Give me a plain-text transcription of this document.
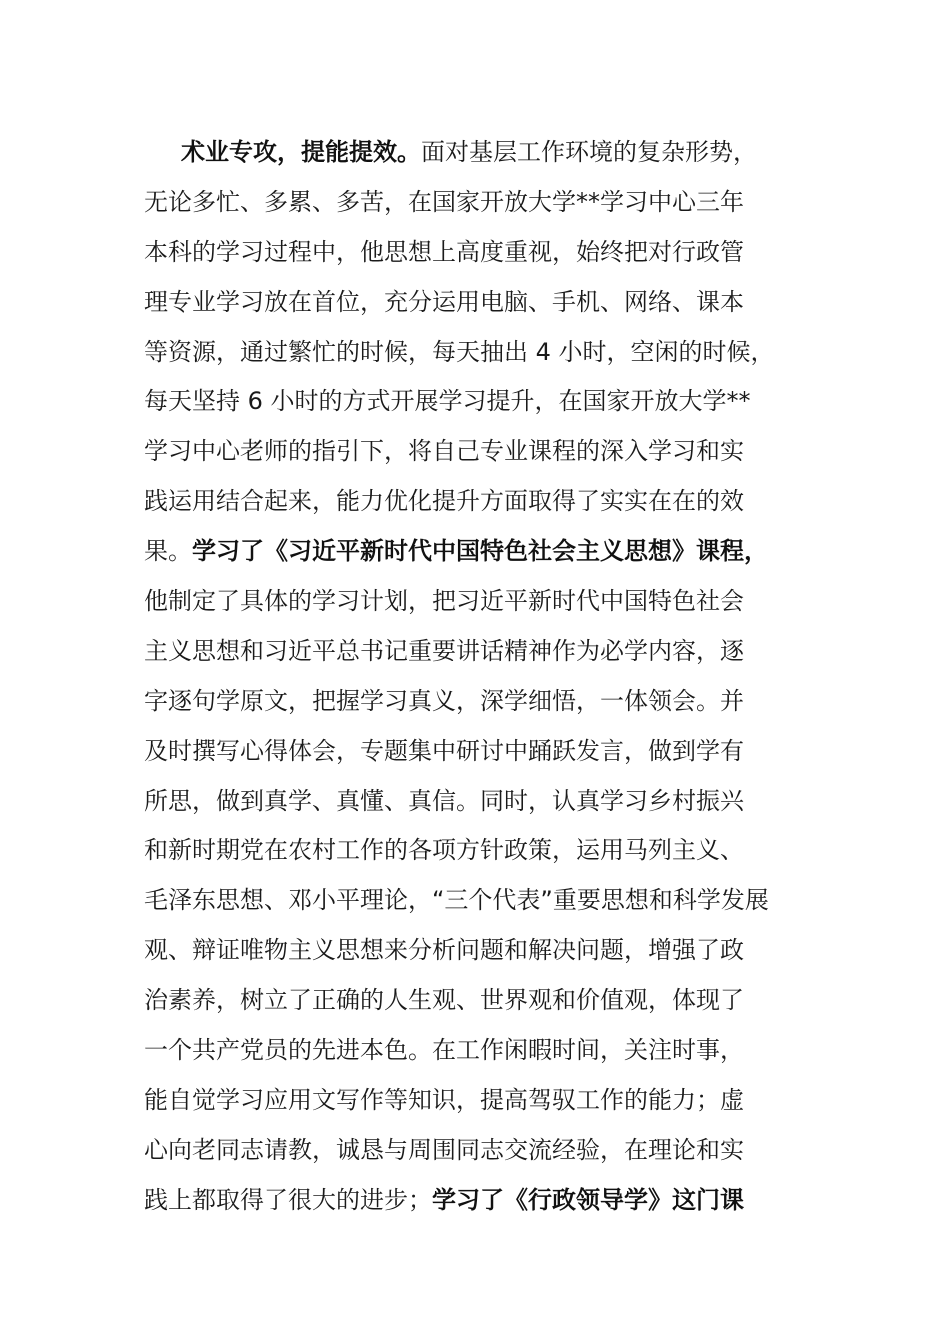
术业专攻，提能提效。面对基层工作环境的复杂形势，
无论多忙、多累、多苦，在国家开放大学**学习中心三年
本科的学习过程中，他思想上高度重视，始终把对行政管
理专业学习放在首位，充分运用电脑、手机、网络、课本
等资源，通过繁忙的时候，每天抽出 4 小时，空闲的时候，
每天坚持 6 小时的方式开展学习提升，在国家开放大学**
学习中心老师的指引下，将自己专业课程的深入学习和实
践运用结合起来，能力优化提升方面取得了实实在在的效
果。学习了《习近平新时代中国特色社会主义思想》课程，
他制定了具体的学习计划，把习近平新时代中国特色社会
主义思想和习近平总书记重要讲话精神作为必学内容，逐
字逐句学原文，把握学习真义，深学细悟，一体领会。并
及时撰写心得体会，专题集中研讨中踊跃发言，做到学有
所思，做到真学、真懂、真信。同时，认真学习乡村振兴
和新时期党在农村工作的各项方针政策，运用马列主义、
毛泽东思想、邓小平理论，“三个代表”重要思想和科学发展
观、辩证唯物主义思想来分析问题和解决问题，增强了政
治素养，树立了正确的人生观、世界观和价值观，体现了
一个共产党员的先进本色。在工作闲暇时间，关注时事，
能自觉学习应用文写作等知识，提高驾驭工作的能力；虚
心向老同志请教，诚恳与周围同志交流经验，在理论和实
践上都取得了很大的进步；学习了《行政领导学》这门课
